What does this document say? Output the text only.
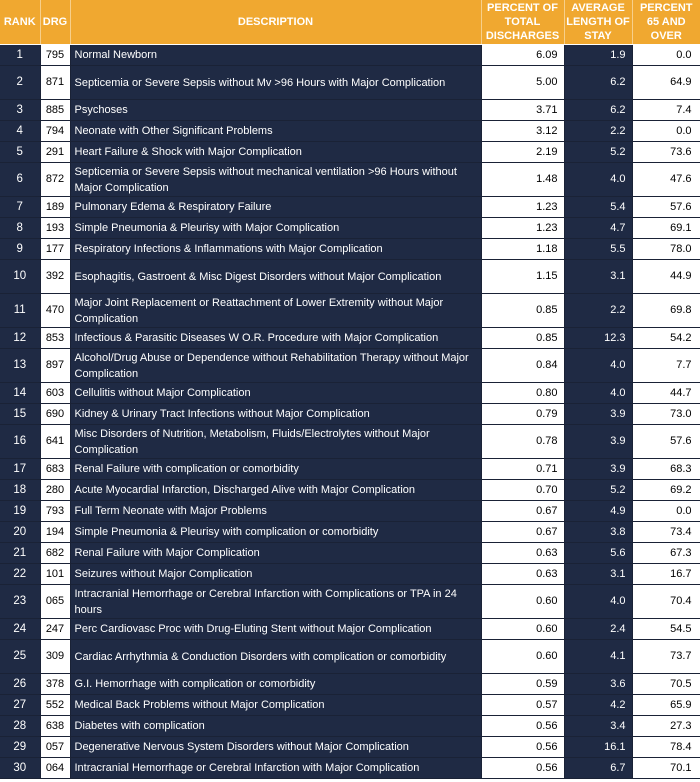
RANK	DRG	DESCRIPTION	PERCENT OF TOTAL DISCHARGES	AVERAGE LENGTH OF STAY	PERCENT 65 AND OVER
1	795	Normal Newborn	6.09	1.9	0.0
2	871	Septicemia or Severe Sepsis without Mv >96 Hours with Major Complication	5.00	6.2	64.9
3	885	Psychoses	3.71	6.2	7.4
4	794	Neonate with Other Significant Problems	3.12	2.2	0.0
5	291	Heart Failure & Shock with Major Complication	2.19	5.2	73.6
6	872	Septicemia or Severe Sepsis without mechanical ventilation >96 Hours without Major Complication	1.48	4.0	47.6
7	189	Pulmonary Edema & Respiratory Failure	1.23	5.4	57.6
8	193	Simple Pneumonia & Pleurisy with Major Complication	1.23	4.7	69.1
9	177	Respiratory Infections & Inflammations with Major Complication	1.18	5.5	78.0
10	392	Esophagitis, Gastroent & Misc Digest Disorders without Major Complication	1.15	3.1	44.9
11	470	Major Joint Replacement or Reattachment of Lower Extremity without Major Complication	0.85	2.2	69.8
12	853	Infectious & Parasitic Diseases W O.R. Procedure with Major Complication	0.85	12.3	54.2
13	897	Alcohol/Drug Abuse or Dependence without Rehabilitation Therapy without Major Complication	0.84	4.0	7.7
14	603	Cellulitis without Major Complication	0.80	4.0	44.7
15	690	Kidney & Urinary Tract Infections without Major Complication	0.79	3.9	73.0
16	641	Misc Disorders of Nutrition, Metabolism, Fluids/Electrolytes without Major Complication	0.78	3.9	57.6
17	683	Renal Failure with complication or comorbidity	0.71	3.9	68.3
18	280	Acute Myocardial Infarction, Discharged Alive with Major Complication	0.70	5.2	69.2
19	793	Full Term Neonate with Major Problems	0.67	4.9	0.0
20	194	Simple Pneumonia & Pleurisy with complication or comorbidity	0.67	3.8	73.4
21	682	Renal Failure with Major Complication	0.63	5.6	67.3
22	101	Seizures without Major Complication	0.63	3.1	16.7
23	065	Intracranial Hemorrhage or Cerebral Infarction with Complications or TPA in 24 hours	0.60	4.0	70.4
24	247	Perc Cardiovasc Proc with Drug-Eluting Stent without Major Complication	0.60	2.4	54.5
25	309	Cardiac Arrhythmia & Conduction Disorders with complication or comorbidity	0.60	4.1	73.7
26	378	G.I. Hemorrhage with complication or comorbidity	0.59	3.6	70.5
27	552	Medical Back Problems without Major Complication	0.57	4.2	65.9
28	638	Diabetes with complication	0.56	3.4	27.3
29	057	Degenerative Nervous System Disorders without Major Complication	0.56	16.1	78.4
30	064	Intracranial Hemorrhage or Cerebral Infarction with Major Complication	0.56	6.7	70.1
